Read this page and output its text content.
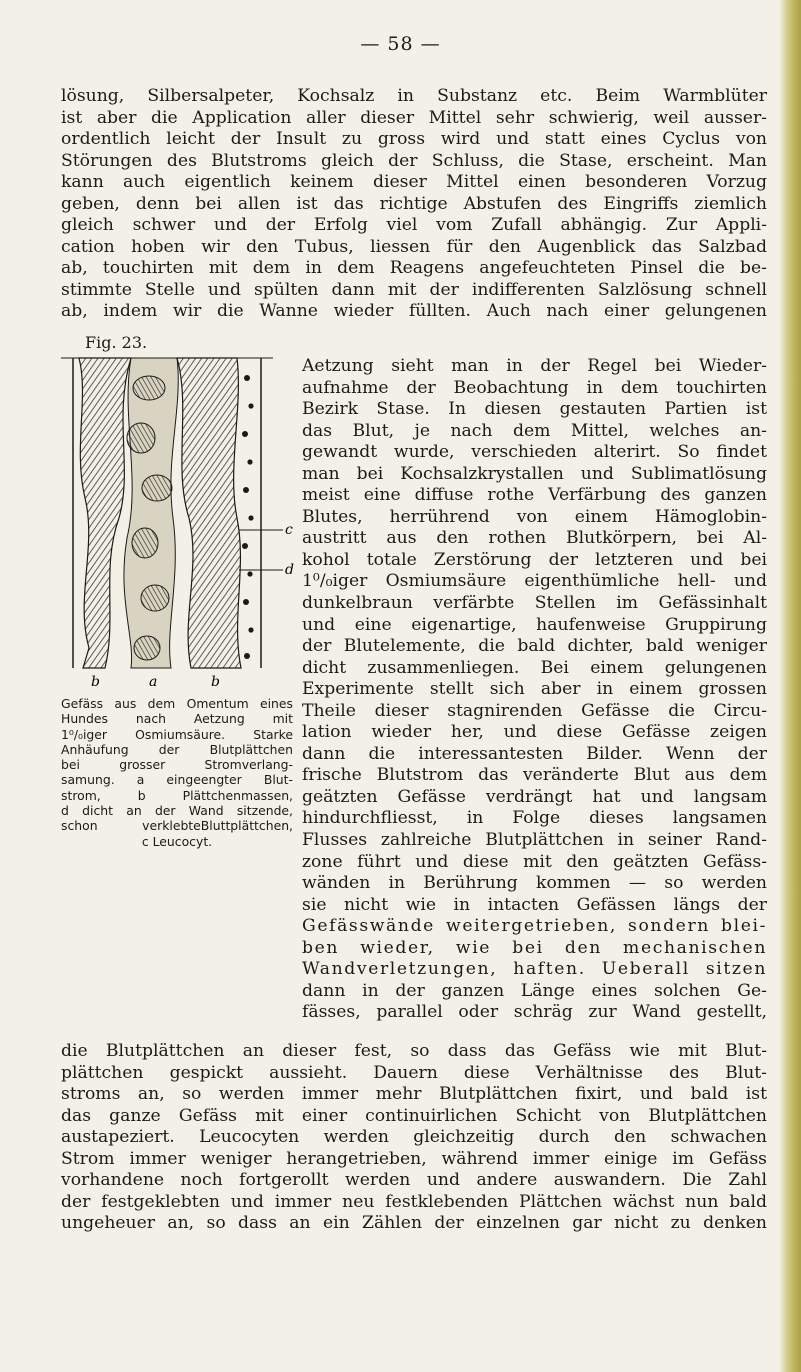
— 58 —

lösung, Silbersalpeter, Kochsalz in Substanz etc. Beim Warmblüter
ist aber die Application aller dieser Mittel sehr schwierig, weil ausser-
ordentlich leicht der Insult zu gross wird und statt eines Cyclus von
Störungen des Blutstroms gleich der Schluss, die Stase, erscheint. Man
kann auch eigentlich keinem dieser Mittel einen besonderen Vorzug
geben, denn bei allen ist das richtige Abstufen des Eingriffs ziemlich
gleich schwer und der Erfolg viel vom Zufall abhängig. Zur Appli-
cation hoben wir den Tubus, liessen für den Augenblick das Salzbad
ab, touchirten mit dem in dem Reagens angefeuchteten Pinsel die be-
stimmte Stelle und spülten dann mit der indifferenten Salzlösung schnell
ab, indem wir die Wanne wieder füllten. Auch nach einer gelungenen

Fig. 23.
c
d
b	a	b
Gefäss aus dem Omentum eines
Hundes nach Aetzung mit
1⁰/₀iger Osmiumsäure. Starke
Anhäufung der Blutplättchen
bei grosser Stromverlang-
samung. a eingeengter Blut-
strom, b Plättchenmassen,
d dicht an der Wand sitzende,
schon verklebteBluttplättchen,
c Leucocyt.

Aetzung sieht man in der Regel bei Wieder-
aufnahme der Beobachtung in dem touchirten
Bezirk Stase. In diesen gestauten Partien ist
das Blut, je nach dem Mittel, welches an-
gewandt wurde, verschieden alterirt. So findet
man bei Kochsalzkrystallen und Sublimatlösung
meist eine diffuse rothe Verfärbung des ganzen
Blutes, herrührend von einem Hämoglobin-
austritt aus den rothen Blutkörpern, bei Al-
kohol totale Zerstörung der letzteren und bei
1⁰/₀iger Osmiumsäure eigenthümliche hell- und
dunkelbraun verfärbte Stellen im Gefässinhalt
und eine eigenartige, haufenweise Gruppirung
der Blutelemente, die bald dichter, bald weniger
dicht zusammenliegen. Bei einem gelungenen
Experimente stellt sich aber in einem grossen
Theile dieser stagnirenden Gefässe die Circu-
lation wieder her, und diese Gefässe zeigen
dann die interessantesten Bilder. Wenn der
frische Blutstrom das veränderte Blut aus dem
geätzten Gefässe verdrängt hat und langsam
hindurchfliesst, in Folge dieses langsamen
Flusses zahlreiche Blutplättchen in seiner Rand-
zone führt und diese mit den geätzten Gefäss-
wänden in Berührung kommen — so werden
sie nicht wie in intacten Gefässen längs der
Gefässwände weitergetrieben, sondern blei-
ben wieder, wie bei den mechanischen
Wandverletzungen, haften. Ueberall sitzen
dann in der ganzen Länge eines solchen Ge-
fässes, parallel oder schräg zur Wand gestellt,

die Blutplättchen an dieser fest, so dass das Gefäss wie mit Blut-
plättchen gespickt aussieht. Dauern diese Verhältnisse des Blut-
stroms an, so werden immer mehr Blutplättchen fixirt, und bald ist
das ganze Gefäss mit einer continuirlichen Schicht von Blutplättchen
austapeziert. Leucocyten werden gleichzeitig durch den schwachen
Strom immer weniger herangetrieben, während immer einige im Gefäss
vorhandene noch fortgerollt werden und andere auswandern. Die Zahl
der festgeklebten und immer neu festklebenden Plättchen wächst nun bald
ungeheuer an, so dass an ein Zählen der einzelnen gar nicht zu denken
